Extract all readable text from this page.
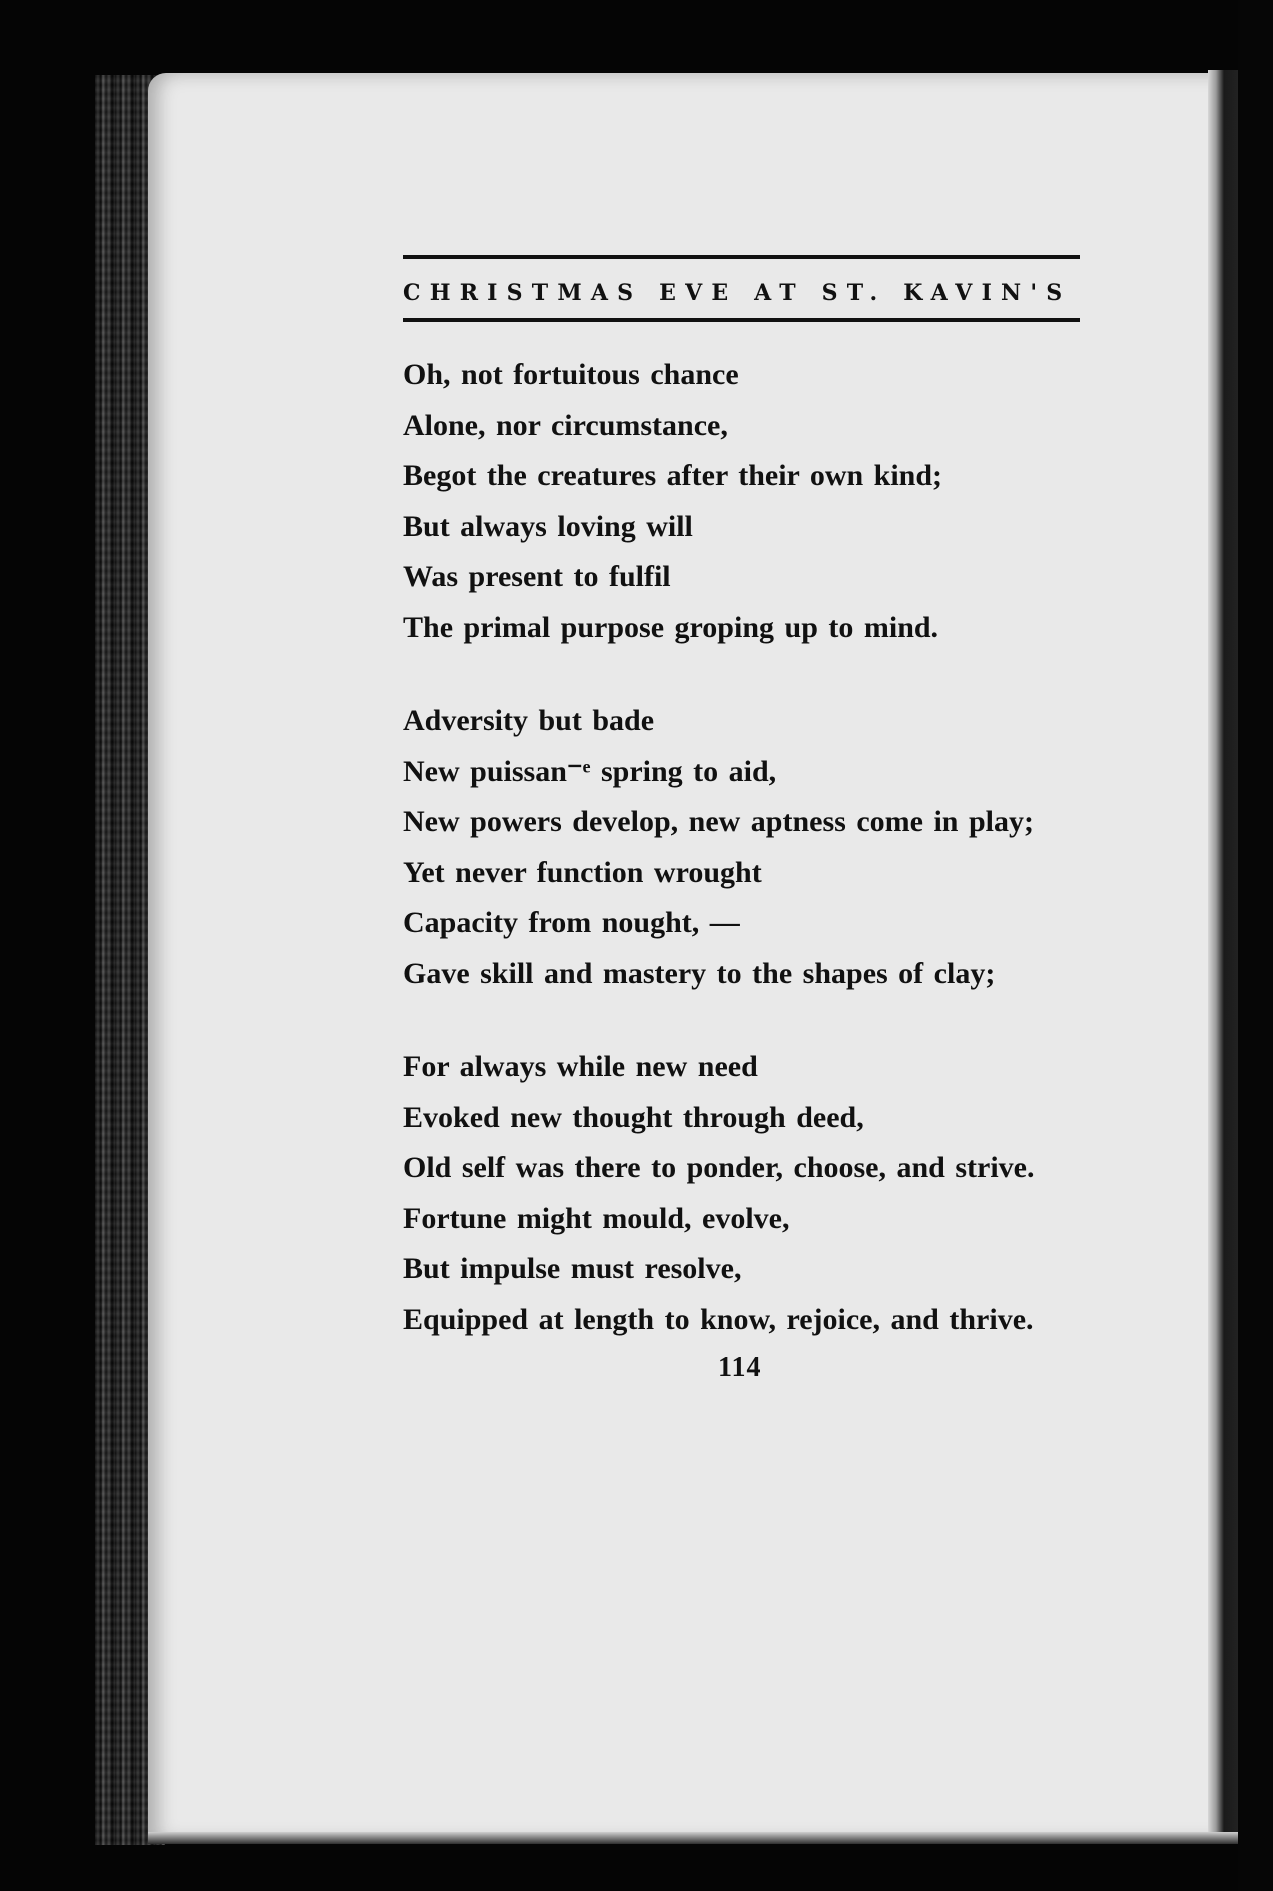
CHRISTMAS EVE AT ST. KAVIN'S
Oh, not fortuitous chance
Alone, nor circumstance,
Begot the creatures after their own kind;
But always loving will
Was present to fulfil
The primal purpose groping up to mind.
Adversity but bade
New puissan⁻ᵉ spring to aid,
New powers develop, new aptness come in play;
Yet never function wrought
Capacity from nought, —
Gave skill and mastery to the shapes of clay;
For always while new need
Evoked new thought through deed,
Old self was there to ponder, choose, and strive.
Fortune might mould, evolve,
But impulse must resolve,
Equipped at length to know, rejoice, and thrive.
114
